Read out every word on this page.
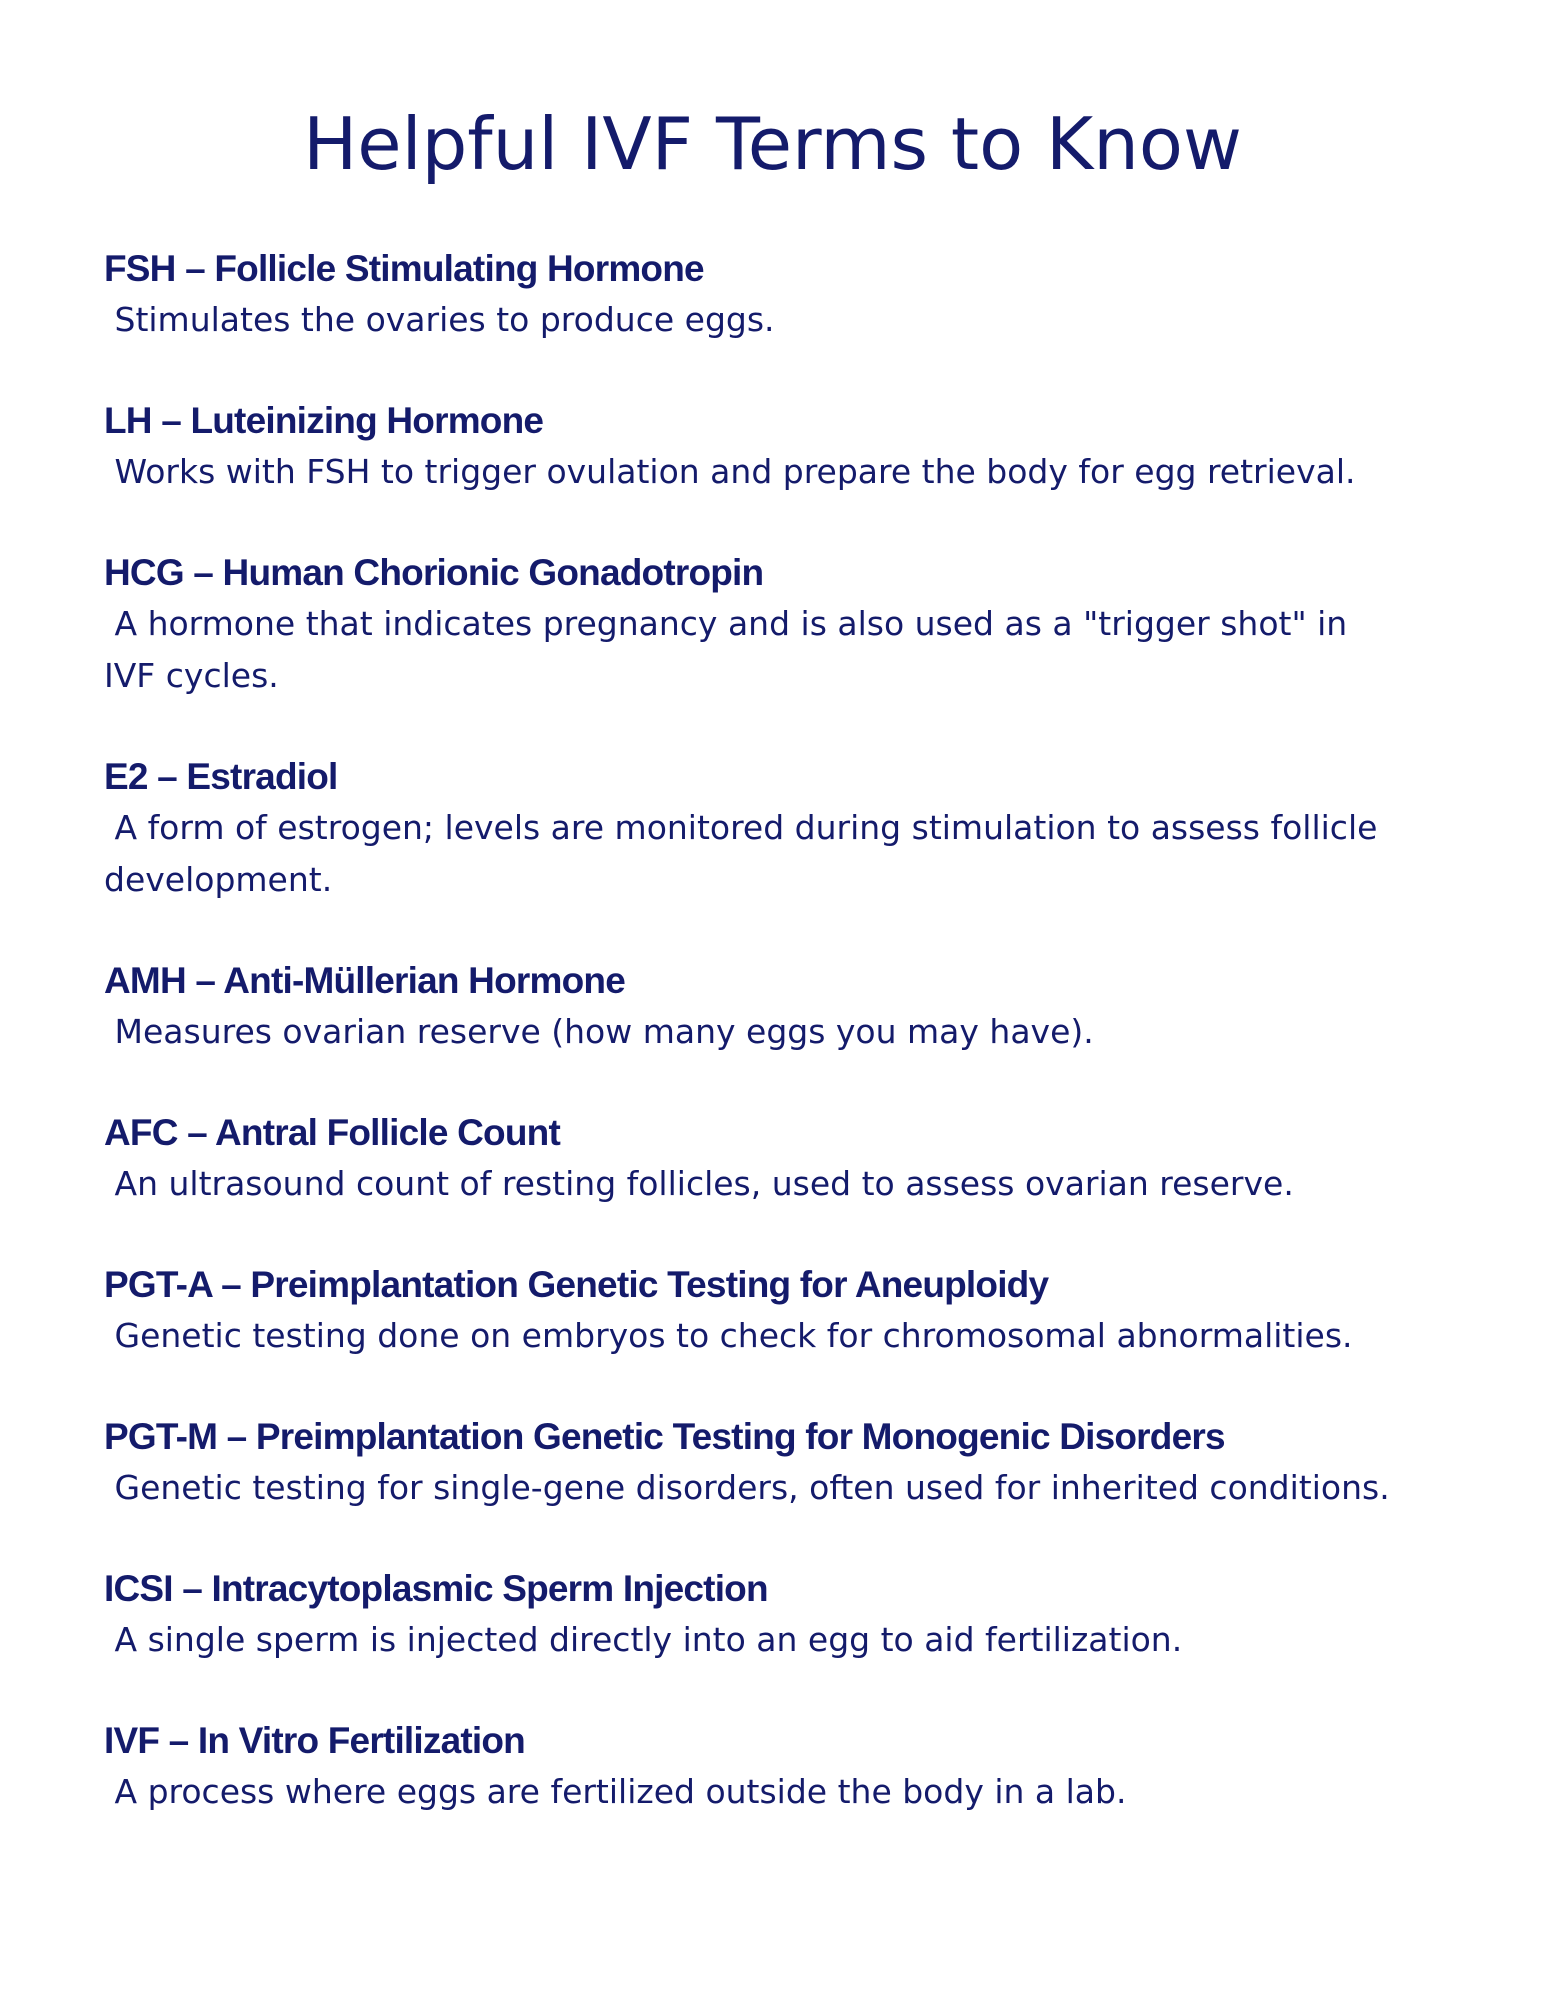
Helpful IVF Terms to Know
FSH – Follicle Stimulating Hormone
Stimulates the ovaries to produce eggs.
LH – Luteinizing Hormone
Works with FSH to trigger ovulation and prepare the body for egg retrieval.
HCG – Human Chorionic Gonadotropin
A hormone that indicates pregnancy and is also used as a "trigger shot" in IVF cycles.
E2 – Estradiol
A form of estrogen; levels are monitored during stimulation to assess follicle development.
AMH – Anti-Müllerian Hormone
Measures ovarian reserve (how many eggs you may have).
AFC – Antral Follicle Count
An ultrasound count of resting follicles, used to assess ovarian reserve.
PGT-A – Preimplantation Genetic Testing for Aneuploidy
Genetic testing done on embryos to check for chromosomal abnormalities.
PGT-M – Preimplantation Genetic Testing for Monogenic Disorders
Genetic testing for single-gene disorders, often used for inherited conditions.
ICSI – Intracytoplasmic Sperm Injection
A single sperm is injected directly into an egg to aid fertilization.
IVF – In Vitro Fertilization
A process where eggs are fertilized outside the body in a lab.
